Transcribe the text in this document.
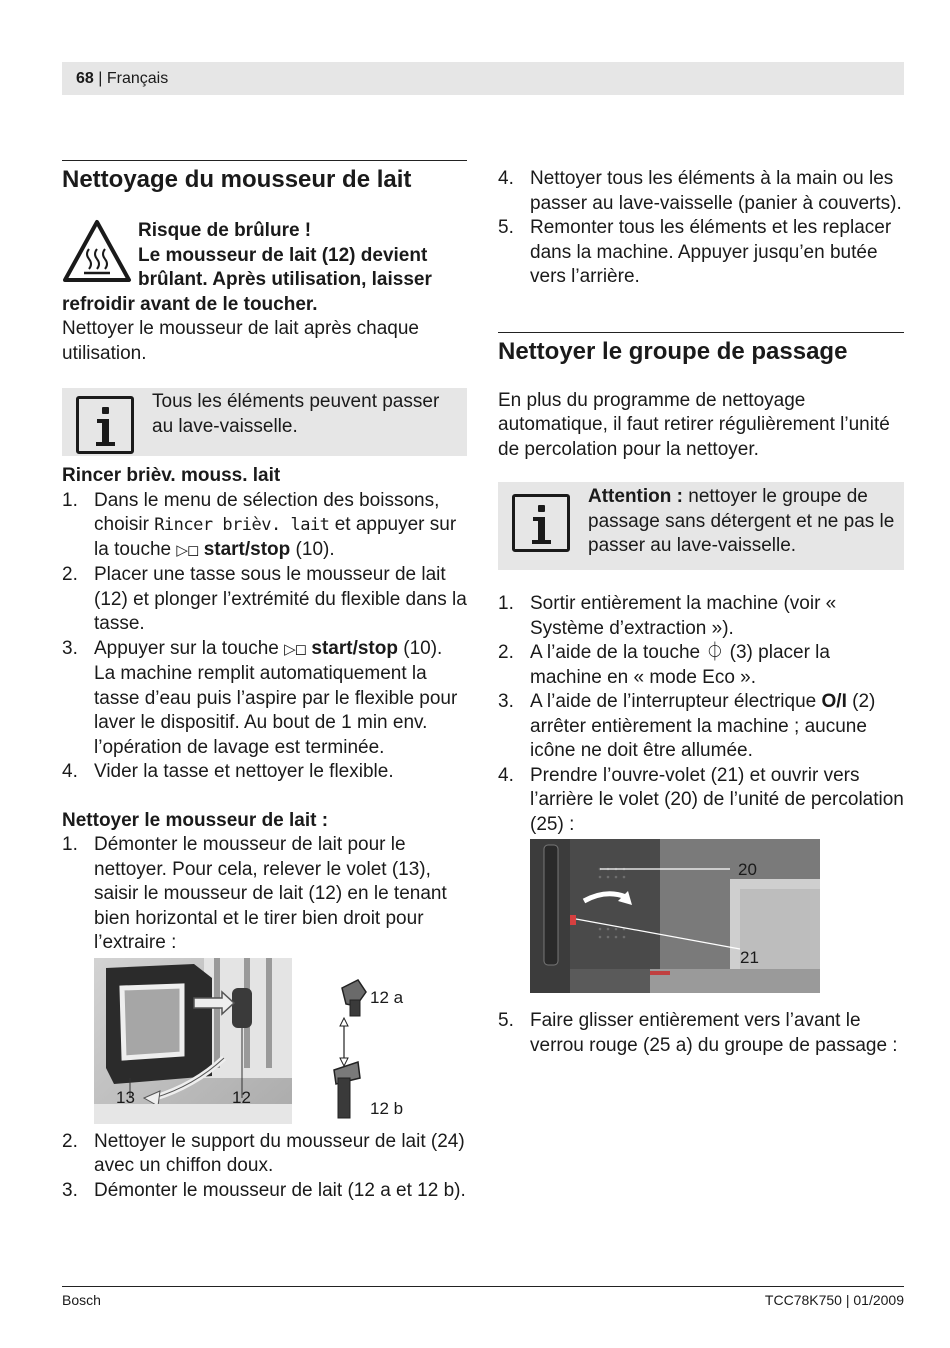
68 | Français
Nettoyage du mousseur de lait

Risque de brûlure !

Le mousseur de lait (12) devient

brûlant. Après utilisation, laisser

refroidir avant de le toucher.

Nettoyer le mousseur de lait après chaque utilisation.

Tous les éléments peuvent passer au lave-vaisselle.

Rincer brièv. mouss. lait

1. Dans le menu de sélection des boissons, choisir Rincer brièv. lait et appuyer sur la touche ▷◻ start/stop (10).
2. Placer une tasse sous le mousseur de lait (12) et plonger l’extrémité du flexible dans la tasse.
3. Appuyer sur la touche ▷◻ start/stop (10). La machine remplit automatiquement la tasse d’eau puis l’aspire par le flexible pour laver le dispositif. Au bout de 1 min env. l’opération de lavage est terminée.
4. Vider la tasse et nettoyer le flexible.

Nettoyer le mousseur de lait :

1. Démonter le mousseur de lait pour le nettoyer. Pour cela, relever le volet (13), saisir le mousseur de lait (12) en le tenant bien horizontal et le tirer bien droit pour l’extraire :
13	12
12 a
12 b
2. Nettoyer le support du mousseur de lait (24) avec un chiffon doux.
3. Démonter le mousseur de lait (12 a et 12 b).
4. Nettoyer tous les éléments à la main ou les passer au lave-vaisselle (panier à couverts).
5. Remonter tous les éléments et les replacer dans la machine. Appuyer jusqu’en butée vers l’arrière.
Nettoyer le groupe de passage

En plus du programme de nettoyage automatique, il faut retirer régulièrement l’unité de percolation pour la nettoyer.

Attention : nettoyer le groupe de passage sans détergent et ne pas le passer au lave-vaisselle.

1. Sortir entièrement la machine (voir « Système d’extraction »).
2. A l’aide de la touche ⏀ (3) placer la machine en « mode Eco ».
3. A l’aide de l’interrupteur électrique O/I (2) arrêter entièrement la machine ; aucune icône ne doit être allumée.
4. Prendre l’ouvre-volet (21) et ouvrir vers l’arrière le volet (20) de l’unité de percolation (25) :
20
21
5. Faire glisser entièrement vers l’avant le verrou rouge (25 a) du groupe de passage :
Bosch	TCC78K750 | 01/2009
